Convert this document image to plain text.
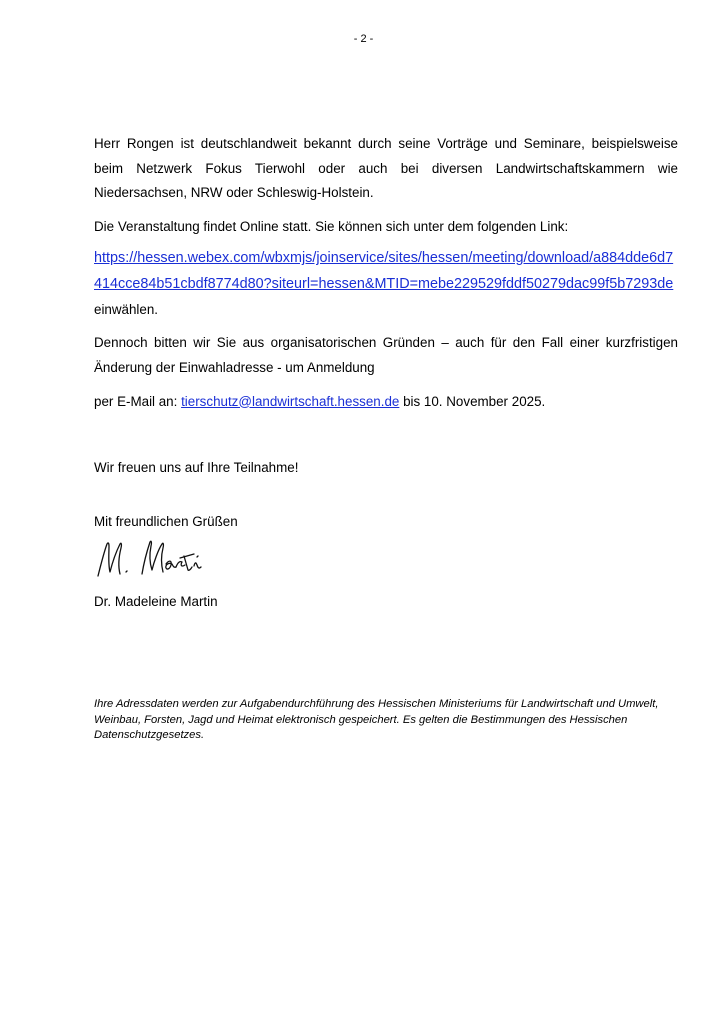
- 2 -

Herr Rongen ist deutschlandweit bekannt durch seine Vorträge und Seminare, beispielsweise beim Netzwerk Fokus Tierwohl oder auch bei diversen Landwirtschaftskammern wie Niedersachsen, NRW oder Schleswig-Holstein.

Die Veranstaltung findet Online statt. Sie können sich unter dem folgenden Link:

https://hessen.webex.com/wbxmjs/joinservice/sites/hessen/meeting/download/a884dde6d7414cce84b51cbdf8774d80?siteurl=hessen&MTID=mebe229529fddf50279dac99f5b7293de einwählen.

Dennoch bitten wir Sie aus organisatorischen Gründen – auch für den Fall einer kurzfristigen Änderung der Einwahladresse - um Anmeldung

per E-Mail an: tierschutz@landwirtschaft.hessen.de bis 10. November 2025.

Wir freuen uns auf Ihre Teilnahme!

Mit freundlichen Grüßen

Dr. Madeleine Martin

Ihre Adressdaten werden zur Aufgabendurchführung des Hessischen Ministeriums für Landwirtschaft und Umwelt, Weinbau, Forsten, Jagd und Heimat elektronisch gespeichert. Es gelten die Bestimmungen des Hessischen Datenschutzgesetzes.
